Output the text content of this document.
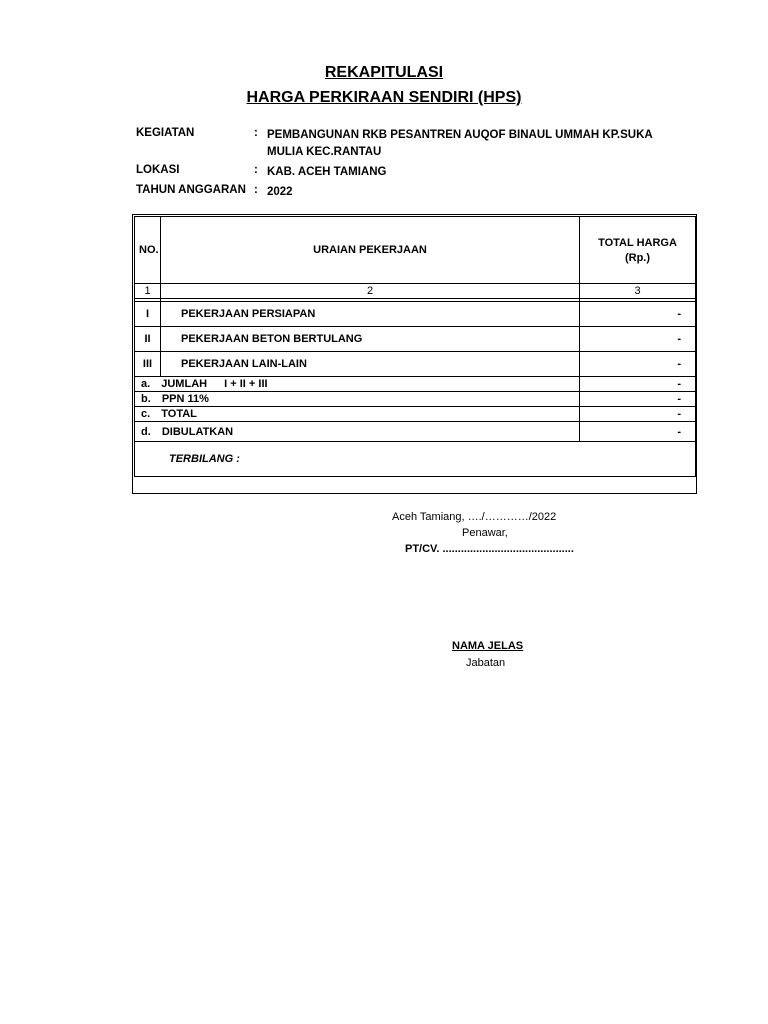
REKAPITULASI
HARGA PERKIRAAN SENDIRI (HPS)
KEGIATAN	: PEMBANGUNAN RKB PESANTREN AUQOF BINAUL UMMAH KP.SUKA MULIA KEC.RANTAU
LOKASI	: KAB. ACEH TAMIANG
TAHUN ANGGARAN : 2022
NO.	URAIAN PEKERJAAN	TOTAL HARGA
(Rp.)

1	2	3

I	PEKERJAAN PERSIAPAN	-
II	PEKERJAAN BETON BERTULANG	-
III	PEKERJAAN LAIN-LAIN	-
a. JUMLAH I + II + III		-
b. PPN 11%		-
c. TOTAL		-
d. DIBULATKAN		-
TERBILANG :		
Aceh Tamiang, …./…………/2022
Penawar,
PT/CV. ...........................................
NAMA JELAS
Jabatan
